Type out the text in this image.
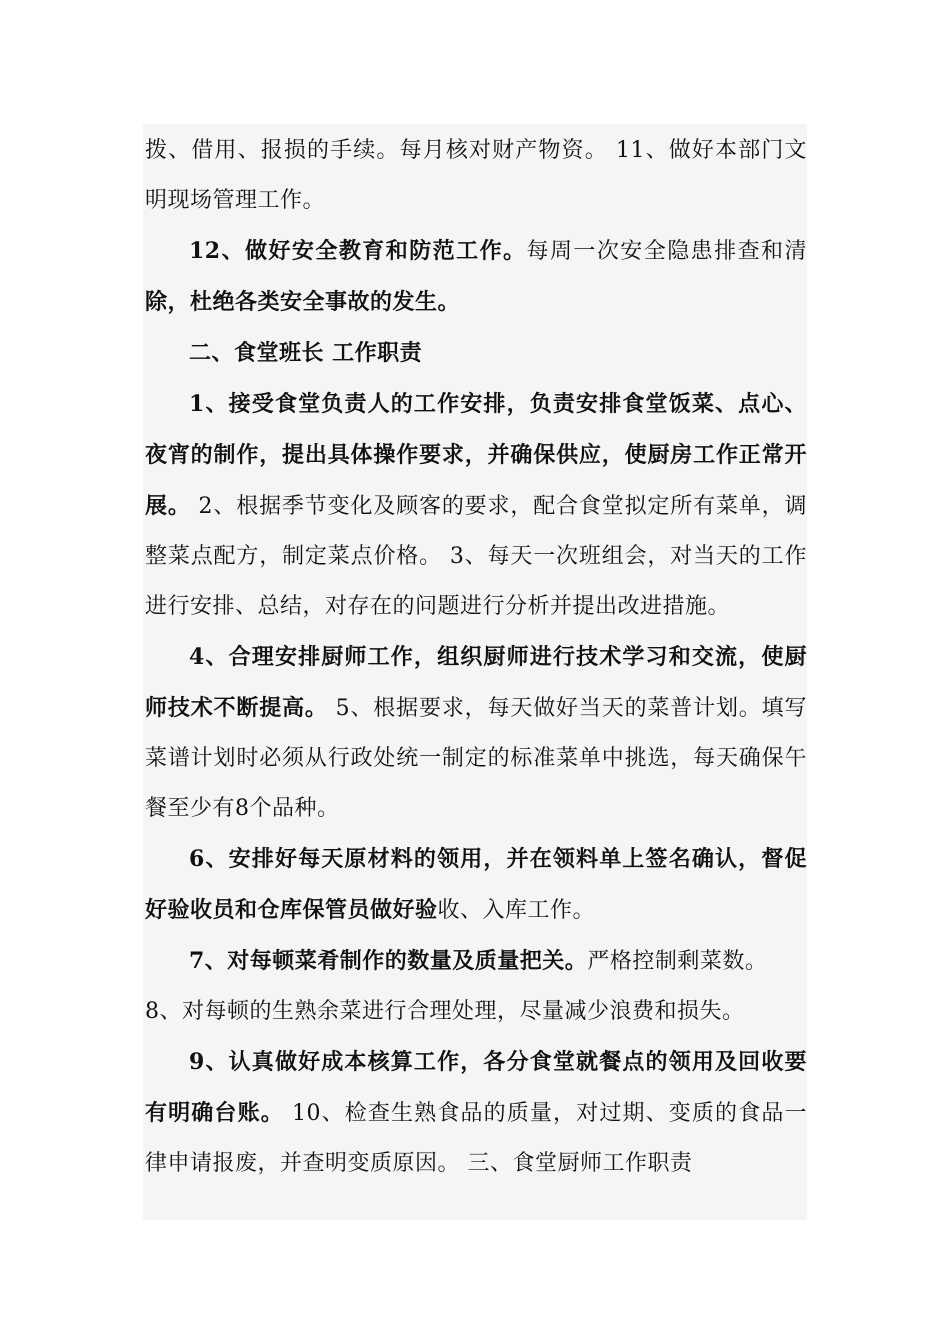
拨、借用、报损的手续。每月核对财产物资。 11、做好本部门文明现场管理工作。

12、做好安全教育和防范工作。每周一次安全隐患排查和清除，杜绝各类安全事故的发生。

二、食堂班长 工作职责

1、接受食堂负责人的工作安排，负责安排食堂饭菜、点心、夜宵的制作，提出具体操作要求，并确保供应，使厨房工作正常开展。 2、根据季节变化及顾客的要求，配合食堂拟定所有菜单，调整菜点配方，制定菜点价格。 3、每天一次班组会，对当天的工作进行安排、总结，对存在的问题进行分析并提出改进措施。

4、合理安排厨师工作，组织厨师进行技术学习和交流，使厨师技术不断提高。 5、根据要求，每天做好当天的菜普计划。填写菜谱计划时必须从行政处统一制定的标准菜单中挑选，每天确保午餐至少有8个品种。

6、安排好每天原材料的领用，并在领料单上签名确认，督促好验收员和仓库保管员做好验收、入库工作。

7、对每顿菜肴制作的数量及质量把关。严格控制剩菜数。

8、对每顿的生熟余菜进行合理处理，尽量减少浪费和损失。

9、认真做好成本核算工作，各分食堂就餐点的领用及回收要有明确台账。 10、检查生熟食品的质量，对过期、变质的食品一律申请报废，并查明变质原因。 三、食堂厨师工作职责
